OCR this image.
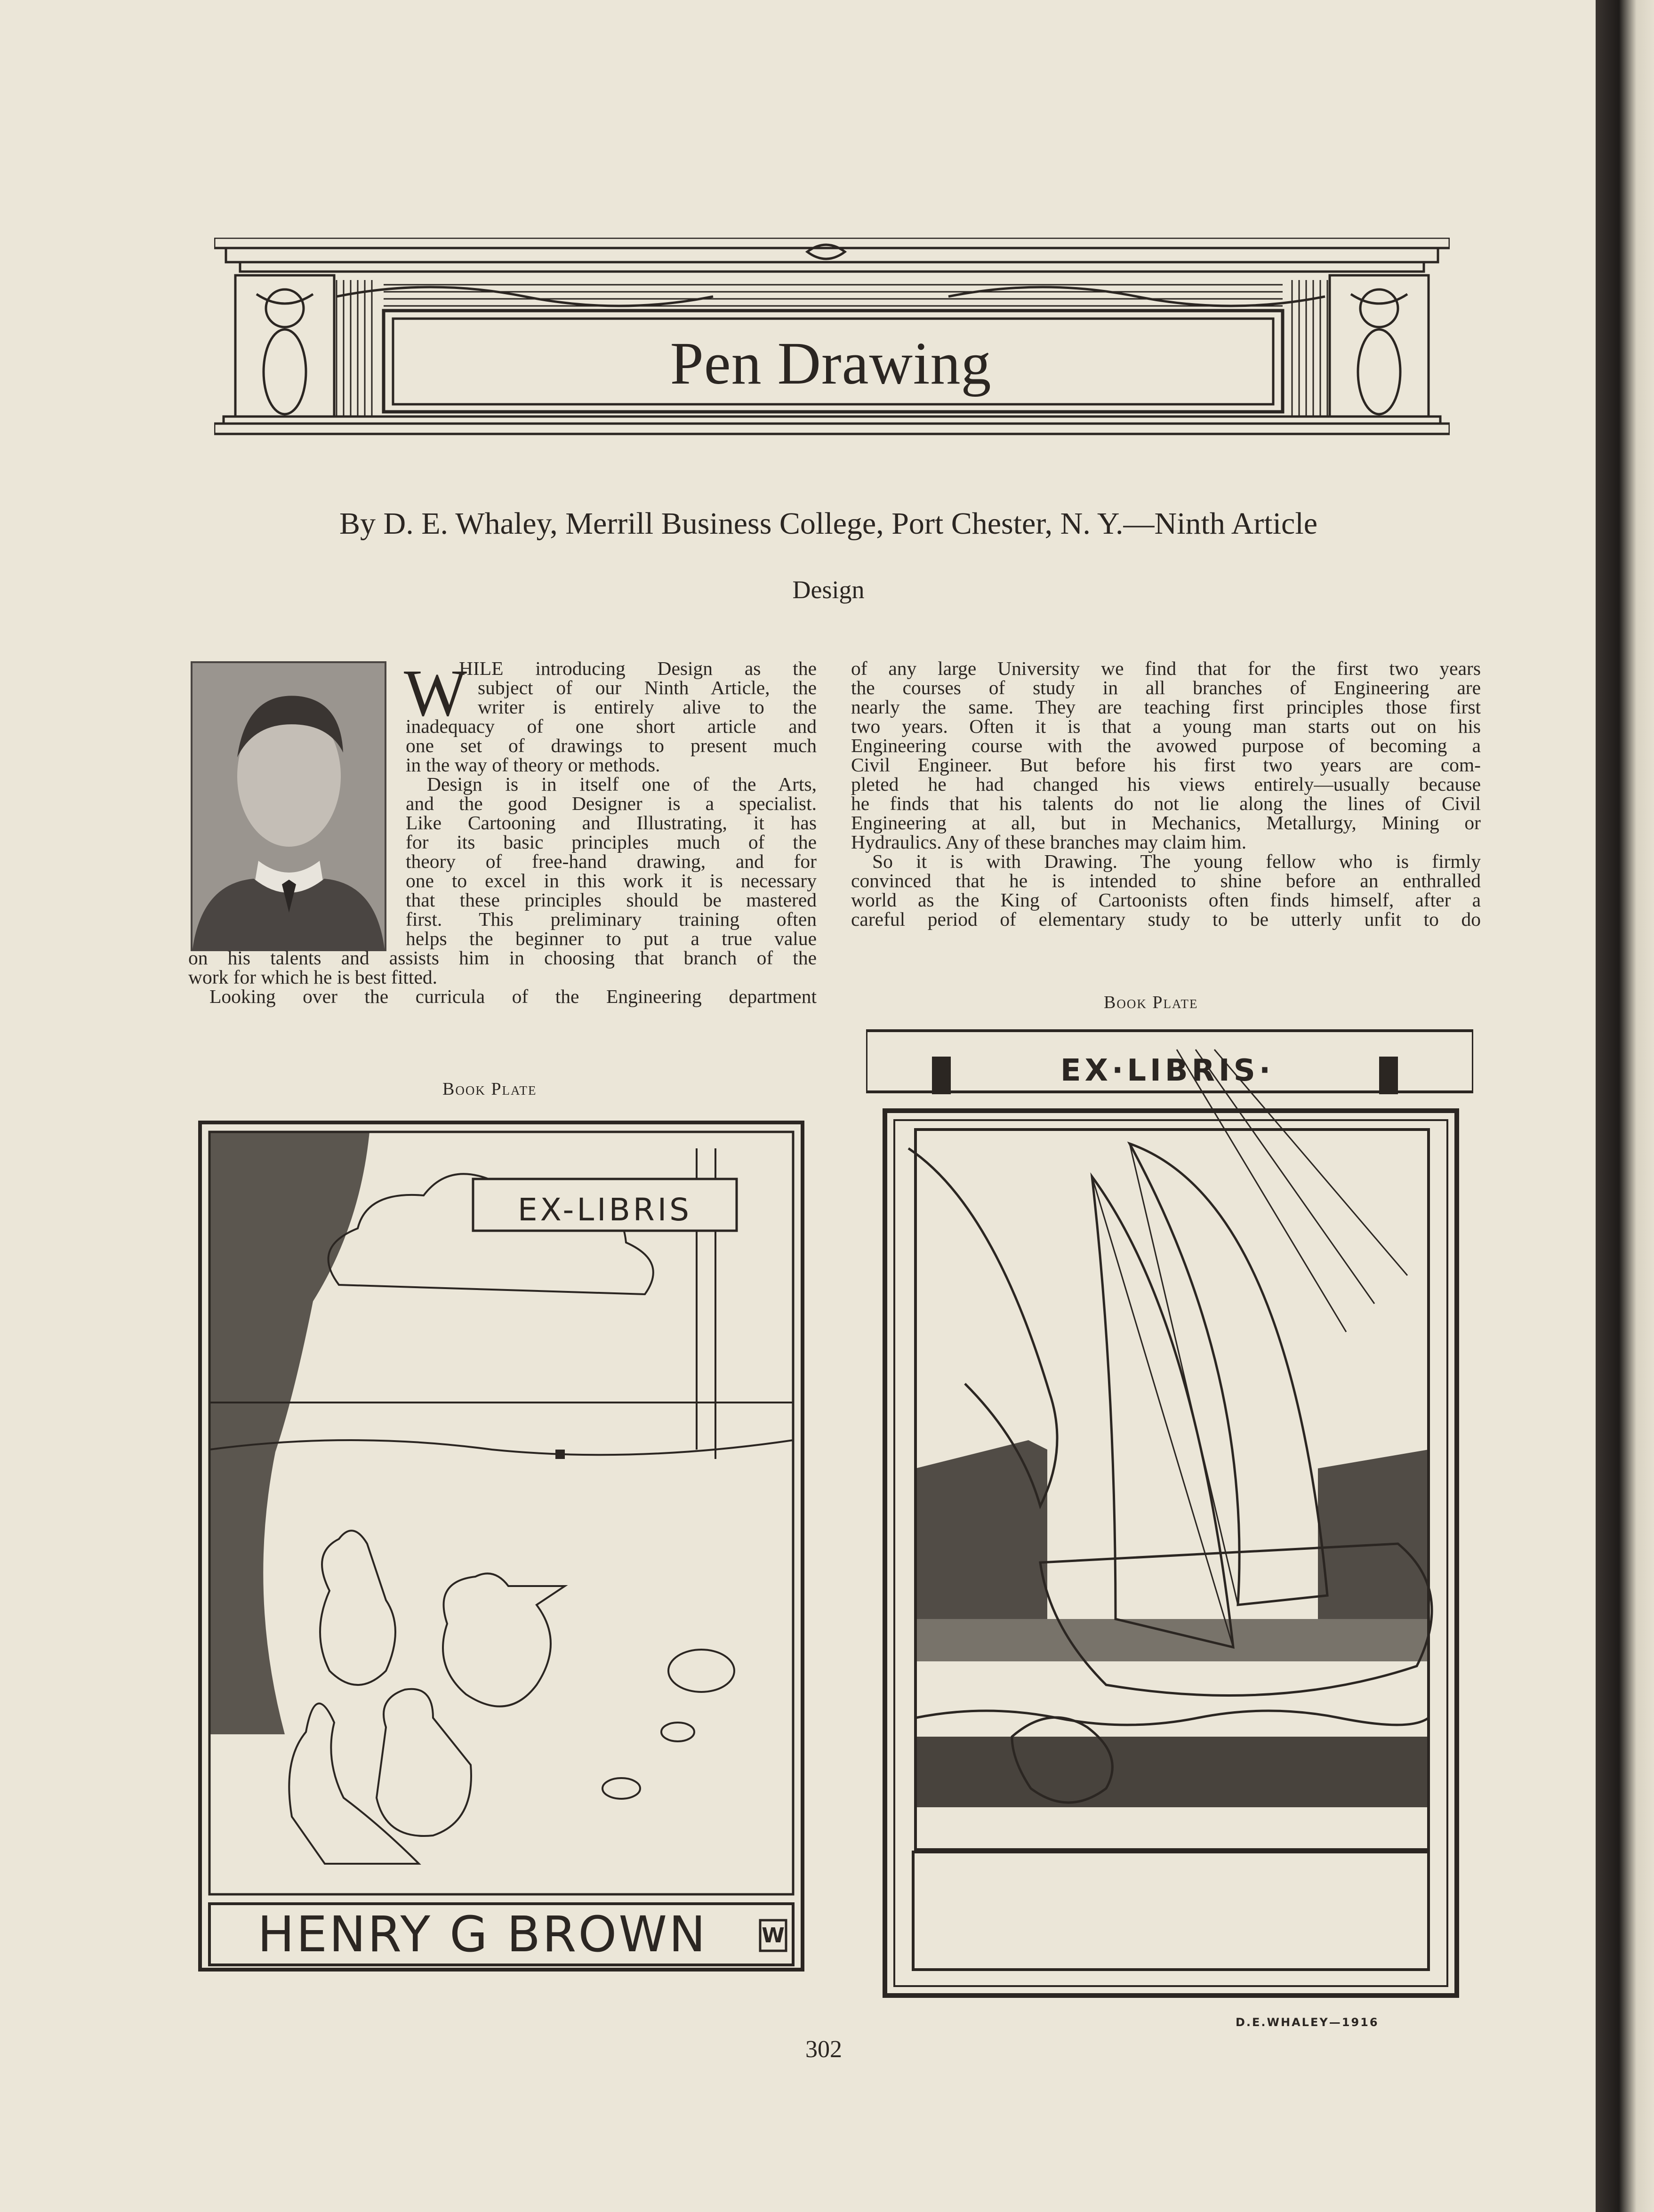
Pen Drawing
By D. E. Whaley, Merrill Business College, Port Chester, N. Y.—Ninth Article
Design
W
HILE introducing Design as the
subject of our Ninth Article, the
writer is entirely alive to the
inadequacy of one short article and
one set of drawings to present much
in the way of theory or methods.
Design is in itself one of the Arts,
and the good Designer is a specialist.
Like Cartooning and Illustrating, it has
for its basic principles much of the
theory of free-hand drawing, and for
one to excel in this work it is necessary
that these principles should be mastered
first. This preliminary training often
helps the beginner to put a true value
on his talents and assists him in choosing that branch of the
work for which he is best fitted.
Looking over the curricula of the Engineering department
of any large University we find that for the first two years
the courses of study in all branches of Engineering are
nearly the same. They are teaching first principles those first
two years. Often it is that a young man starts out on his
Engineering course with the avowed purpose of becoming a
Civil Engineer. But before his first two years are com-
pleted he had changed his views entirely—usually because
he finds that his talents do not lie along the lines of Civil
Engineering at all, but in Mechanics, Metallurgy, Mining or
Hydraulics. Any of these branches may claim him.
So it is with Drawing. The young fellow who is firmly
convinced that he is intended to shine before an enthralled
world as the King of Cartoonists often finds himself, after a
careful period of elementary study to be utterly unfit to do
Book Plate
Book Plate
EX-LIBRIS
HENRY G BROWN	W
EX·LIBRIS·
D.E.WHALEY—1916
302
